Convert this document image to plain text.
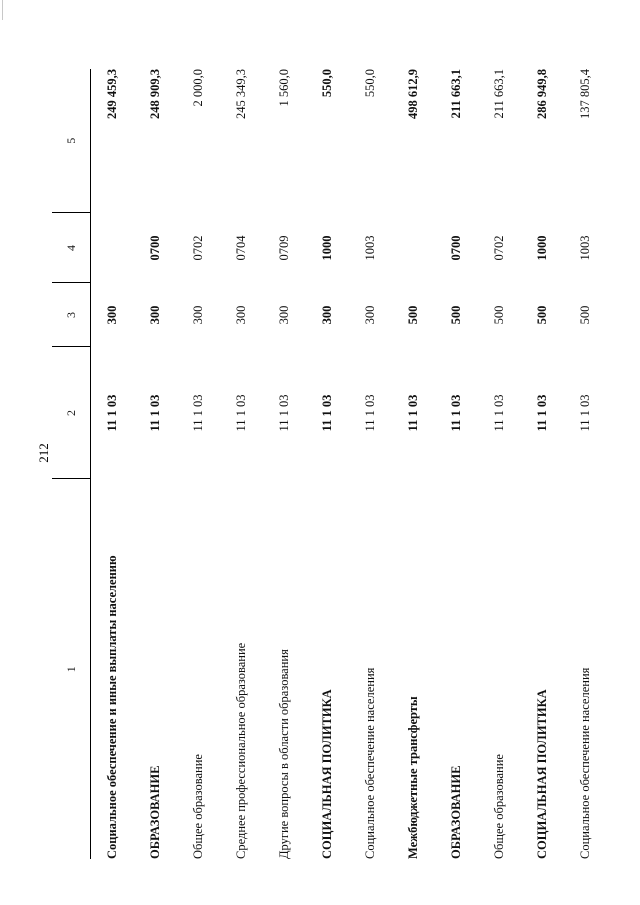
212
1	2	3	4	5
Социальное обеспечение и иные выплаты населению	11 1 03	300		249 459,3
ОБРАЗОВАНИЕ	11 1 03	300	0700	248 909,3
Общее образование	11 1 03	300	0702	2 000,0
Среднее профессиональное образование	11 1 03	300	0704	245 349,3
Другие вопросы в области образования	11 1 03	300	0709	1 560,0
СОЦИАЛЬНАЯ ПОЛИТИКА	11 1 03	300	1000	550,0
Социальное обеспечение населения	11 1 03	300	1003	550,0
Межбюджетные трансферты	11 1 03	500		498 612,9
ОБРАЗОВАНИЕ	11 1 03	500	0700	211 663,1
Общее образование	11 1 03	500	0702	211 663,1
СОЦИАЛЬНАЯ ПОЛИТИКА	11 1 03	500	1000	286 949,8
Социальное обеспечение населения	11 1 03	500	1003	137 805,4
